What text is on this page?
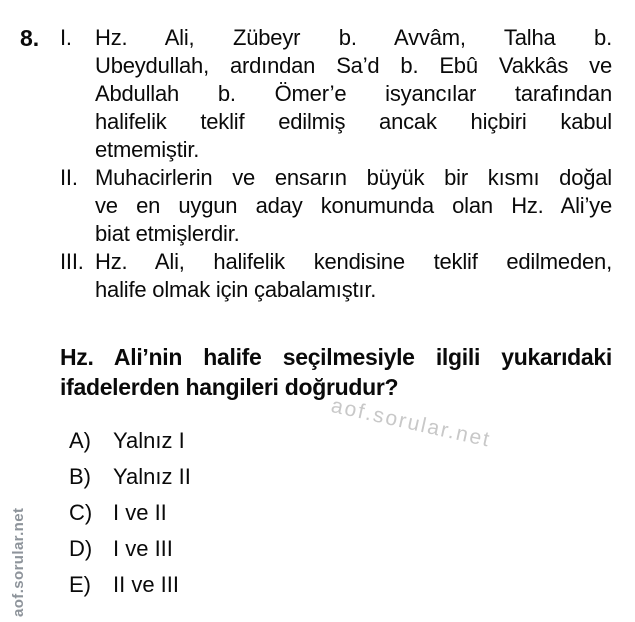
8. I.	Hz. Ali, Zübeyr b. Avvâm, Talha b.
Ubeydullah, ardından Sa’d b. Ebû Vakkâs ve
Abdullah b. Ömer’e isyancılar tarafından
halifelik teklif edilmiş ancak hiçbiri kabul
etmemiştir.
II. Muhacirlerin ve ensarın büyük bir kısmı doğal
ve en uygun aday konumunda olan Hz. Ali’ye
biat etmişlerdir.
III. Hz. Ali, halifelik kendisine teklif edilmeden,
halife olmak için çabalamıştır.
Hz. Ali’nin halife seçilmesiyle ilgili yukarıdaki
ifadelerden hangileri doğrudur?
A)	Yalnız I
B)	Yalnız II
C) I ve II
D) I ve III
E)	II ve III
aof.sorular.net
aof.sorular.net
